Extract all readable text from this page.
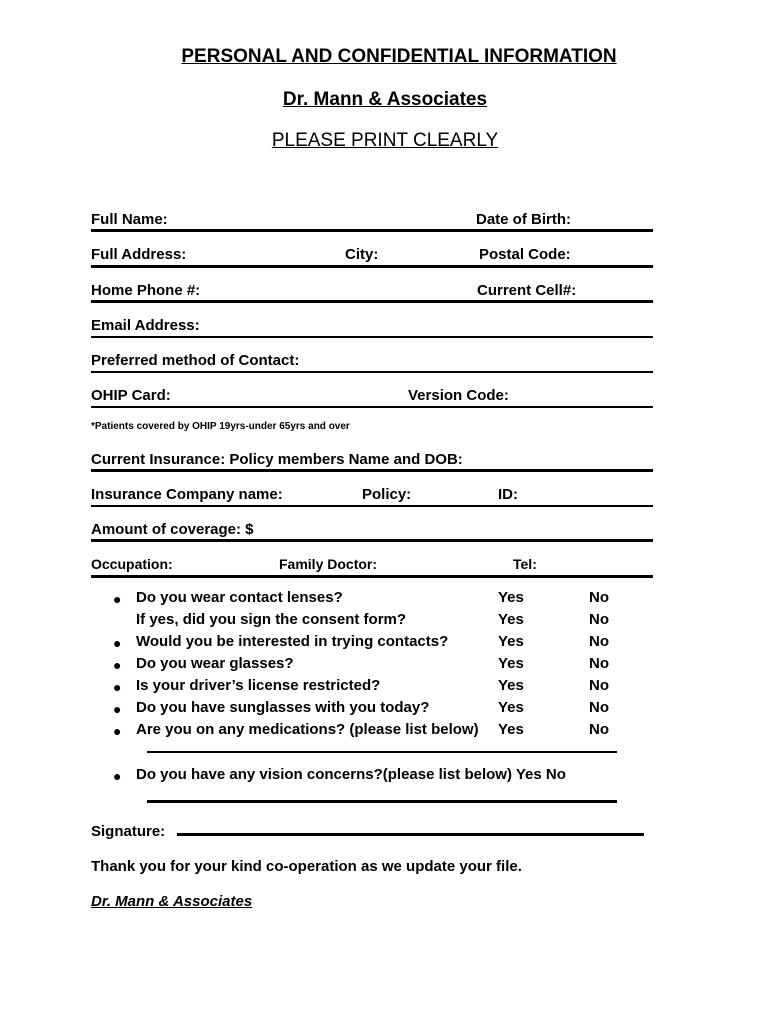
PERSONAL AND CONFIDENTIAL INFORMATION
Dr. Mann & Associates
PLEASE PRINT CLEARLY
Full Name:	Date of Birth:
Full Address:	City:	Postal Code:
Home Phone #:	Current Cell#:
Email Address:
Preferred method of Contact:
OHIP Card:	Version Code:
*Patients covered by OHIP 19yrs-under 65yrs and over
Current Insurance: Policy members Name and DOB:
Insurance Company name:	Policy:	ID:
Amount of coverage: $
Occupation:	Family Doctor:	Tel:
● Do you wear contact lenses?	Yes	No
If yes, did you sign the consent form?	Yes	No
● Would you be interested in trying contacts?	Yes	No
● Do you wear glasses?	Yes	No
● Is your driver’s license restricted?	Yes	No
● Do you have sunglasses with you today?	Yes	No
● Are you on any medications? (please list below) Yes	No
● Do you have any vision concerns?(please list below) Yes No
Signature:
Thank you for your kind co-operation as we update your file.
Dr. Mann & Associates
